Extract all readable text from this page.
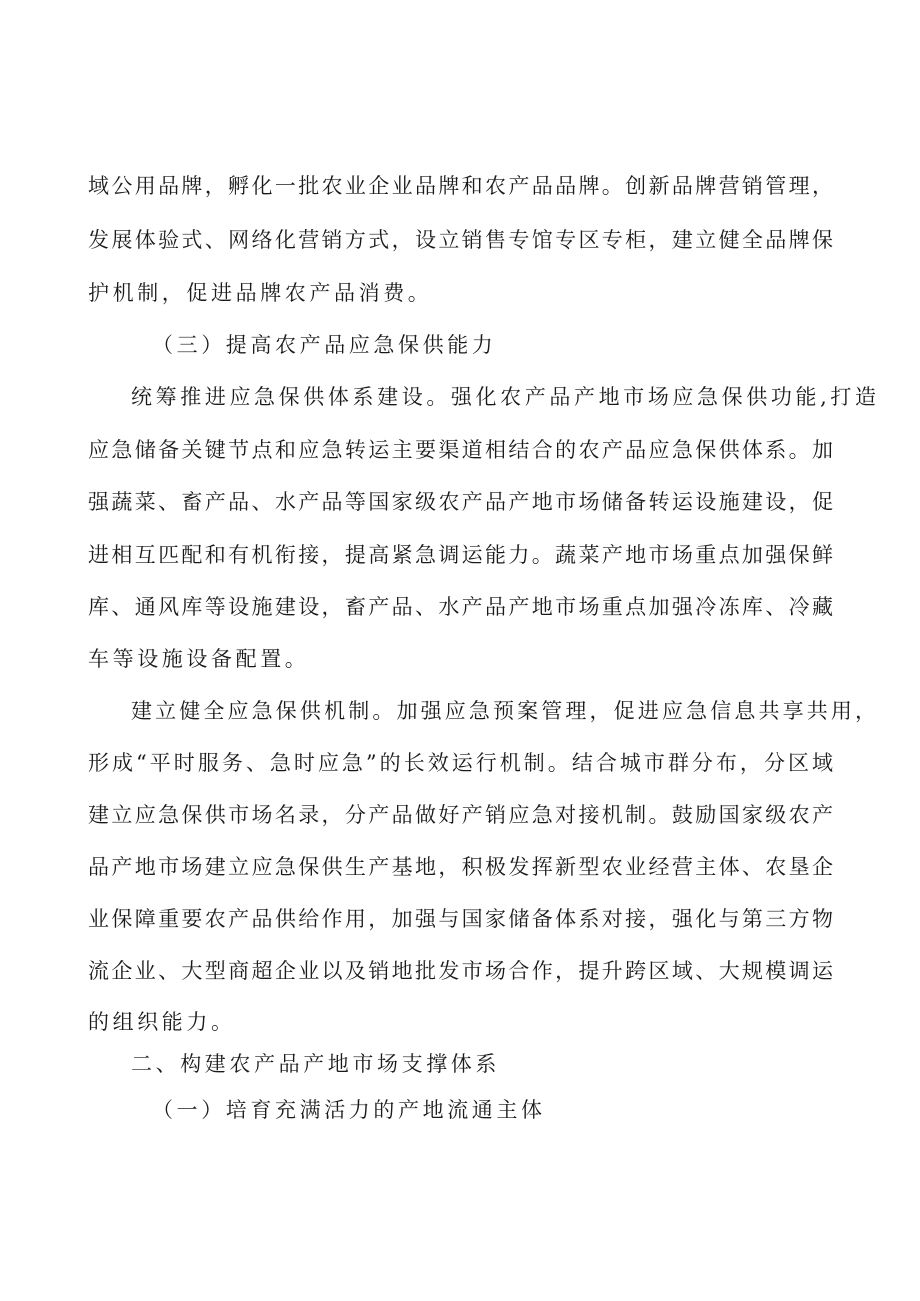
域公用品牌，孵化一批农业企业品牌和农产品品牌。创新品牌营销管理，
发展体验式、网络化营销方式，设立销售专馆专区专柜，建立健全品牌保
护机制，促进品牌农产品消费。
（三）提高农产品应急保供能力
统筹推进应急保供体系建设。强化农产品产地市场应急保供功能,打造
应急储备关键节点和应急转运主要渠道相结合的农产品应急保供体系。加
强蔬菜、畜产品、水产品等国家级农产品产地市场储备转运设施建设，促
进相互匹配和有机衔接，提高紧急调运能力。蔬菜产地市场重点加强保鲜
库、通风库等设施建设，畜产品、水产品产地市场重点加强冷冻库、冷藏
车等设施设备配置。
建立健全应急保供机制。加强应急预案管理，促进应急信息共享共用，
形成“平时服务、急时应急”的长效运行机制。结合城市群分布，分区域
建立应急保供市场名录，分产品做好产销应急对接机制。鼓励国家级农产
品产地市场建立应急保供生产基地，积极发挥新型农业经营主体、农垦企
业保障重要农产品供给作用，加强与国家储备体系对接，强化与第三方物
流企业、大型商超企业以及销地批发市场合作，提升跨区域、大规模调运
的组织能力。
二、构建农产品产地市场支撑体系
（一）培育充满活力的产地流通主体
